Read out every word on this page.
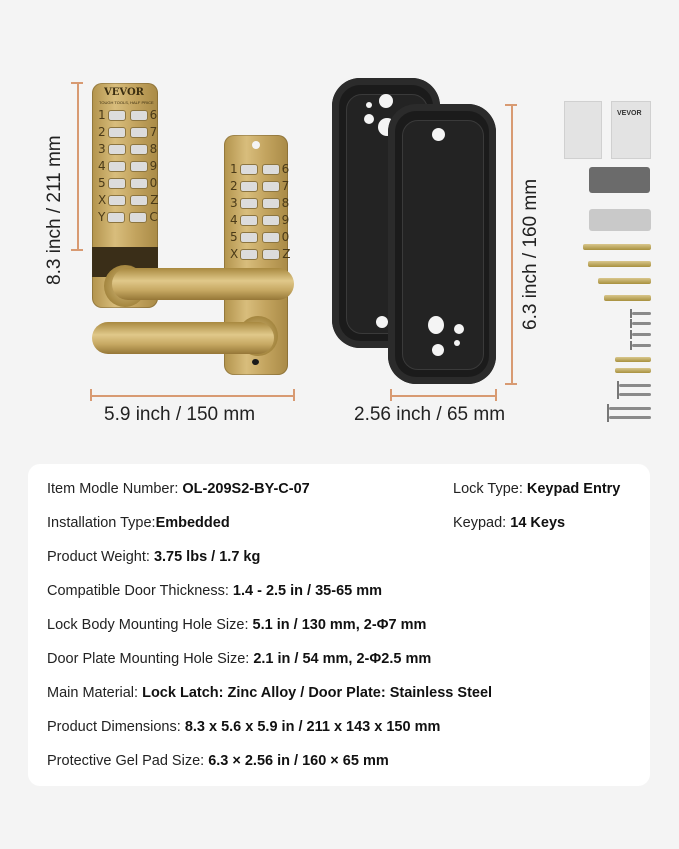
8.3 inch / 211 mm
5.9 inch / 150 mm
VEVOR
TOUGH TOOLS, HALF PRICE
1	6
2	7
3	8
4	9
5	0
X	Z
Y	C
1	6
2	7
3	8
4	9
5	0
X	Z	6.3 inch / 160 mm
2.56 inch / 65 mm
VEVOR
Item Modle Number: OL-209S2-BY-C-07
Installation Type:Embedded
Product Weight: 3.75 lbs / 1.7 kg
Compatible Door Thickness: 1.4 - 2.5 in / 35-65 mm
Lock Body Mounting Hole Size: 5.1 in / 130 mm, 2-Φ7 mm
Door Plate Mounting Hole Size: 2.1 in / 54 mm, 2-Φ2.5 mm
Main Material: Lock Latch: Zinc Alloy / Door Plate: Stainless Steel
Product Dimensions: 8.3 x 5.6 x 5.9 in / 211 x 143 x 150 mm
Protective Gel Pad Size: 6.3 × 2.56 in / 160 × 65 mm
Lock Type: Keypad Entry
Keypad: 14 Keys
